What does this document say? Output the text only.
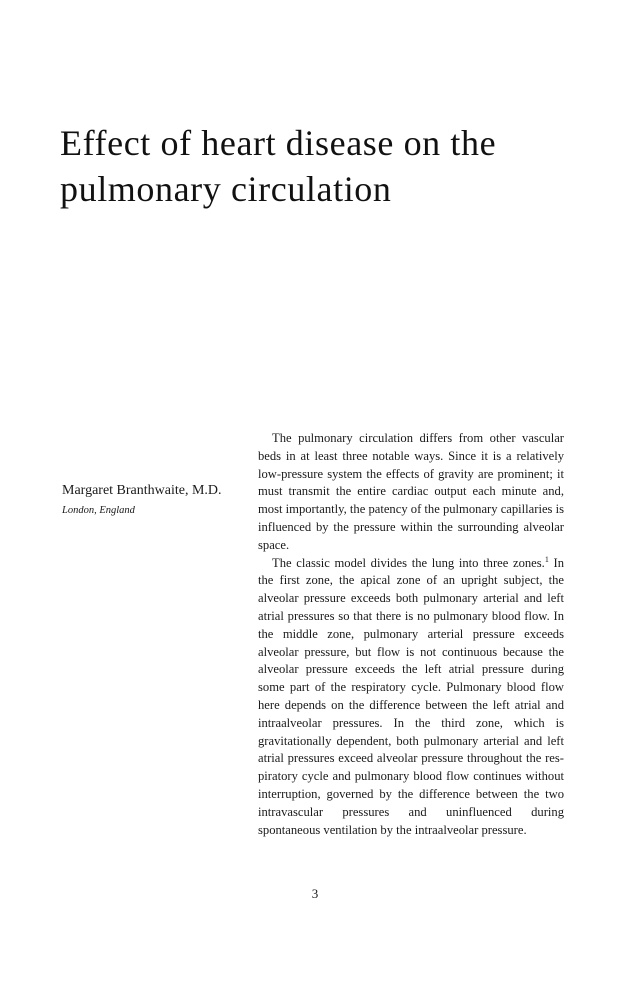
Effect of heart disease on the pulmonary circulation
Margaret Branthwaite, M.D.
London, England

The pulmonary circulation differs from other vascular beds in at least three notable ways. Since it is a relatively low-pressure system the effects of gravity are prominent; it must transmit the entire cardiac output each minute and, most importantly, the patency of the pulmonary capillaries is influenced by the pressure within the surrounding alveolar space.

The classic model divides the lung into three zones.$^1$ In the first zone, the apical zone of an upright subject, the alveolar pressure exceeds both pulmonary arterial and left atrial pressures so that there is no pulmonary blood flow. In the middle zone, pulmonary arterial pressure exceeds alveolar pressure, but flow is not continuous because the alveolar pressure exceeds the left atrial pressure during some part of the respiratory cycle. Pulmonary blood flow here depends on the difference between the left atrial and intraalveolar pressures. In the third zone, which is gravitationally dependent, both pulmonary arterial and left atrial pressures exceed alveolar pressure throughout the respiratory cycle and pulmonary blood flow continues without interruption, governed by the difference between the two intravascular pressures and uninfluenced during spontaneous ventilation by the intraalveolar pressure.

3
